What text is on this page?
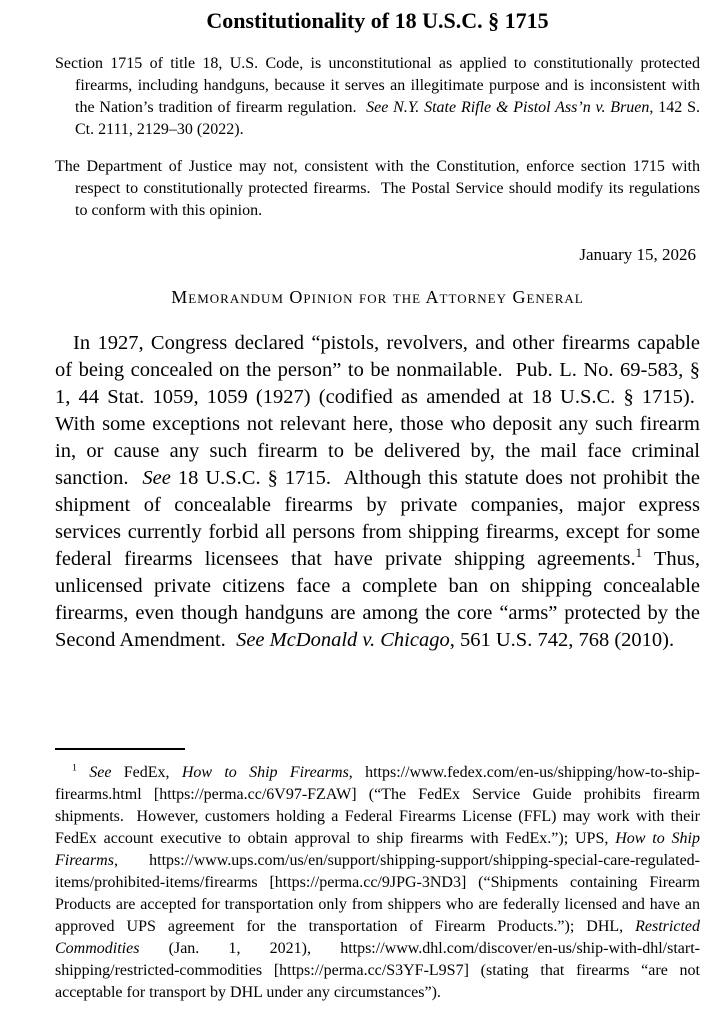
Constitutionality of 18 U.S.C. § 1715

Section 1715 of title 18, U.S. Code, is unconstitutional as applied to constitutionally protected firearms, including handguns, because it serves an illegitimate purpose and is inconsistent with the Nation’s tradition of firearm regulation.  See N.Y. State Rifle & Pistol Ass’n v. Bruen, 142 S. Ct. 2111, 2129–30 (2022).

The Department of Justice may not, consistent with the Constitution, enforce section 1715 with respect to constitutionally protected firearms.  The Postal Service should modify its regulations to conform with this opinion.

January 15, 2026
Memorandum Opinion for the Attorney General

In 1927, Congress declared “pistols, revolvers, and other firearms capable of being concealed on the person” to be nonmailable.  Pub. L. No. 69-583, § 1, 44 Stat. 1059, 1059 (1927) (codified as amended at 18 U.S.C. § 1715).  With some exceptions not relevant here, those who deposit any such firearm in, or cause any such firearm to be delivered by, the mail face criminal sanction.  See 18 U.S.C. § 1715.  Although this statute does not prohibit the shipment of concealable firearms by private companies, major express services currently forbid all persons from shipping firearms, except for some federal firearms licensees that have private shipping agreements.$^1$ Thus, unlicensed private citizens face a complete ban on shipping concealable firearms, even though handguns are among the core “arms” protected by the Second Amendment.  See McDonald v. Chicago, 561 U.S. 742, 768 (2010).

$^1$ See FedEx, How to Ship Firearms, https://www.fedex.com/en-us/shipping/how-to-ship-firearms.html [https://perma.cc/6V97-FZAW] (“The FedEx Service Guide prohibits firearm shipments.  However, customers holding a Federal Firearms License (FFL) may work with their FedEx account executive to obtain approval to ship firearms with FedEx.”); UPS, How to Ship Firearms, https://www.ups.com/us/en/support/shipping-support/shipping-special-care-regulated-items/prohibited-items/firearms [https://perma.cc/9JPG-3ND3] (“Shipments containing Firearm Products are accepted for transportation only from shippers who are federally licensed and have an approved UPS agreement for the transportation of Firearm Products.”); DHL, Restricted Commodities (Jan. 1, 2021), https://www.dhl.com/discover/en-us/ship-with-dhl/start-shipping/restricted-commodities [https://perma.cc/S3YF-L9S7] (stating that firearms “are not acceptable for transport by DHL under any circumstances”).
